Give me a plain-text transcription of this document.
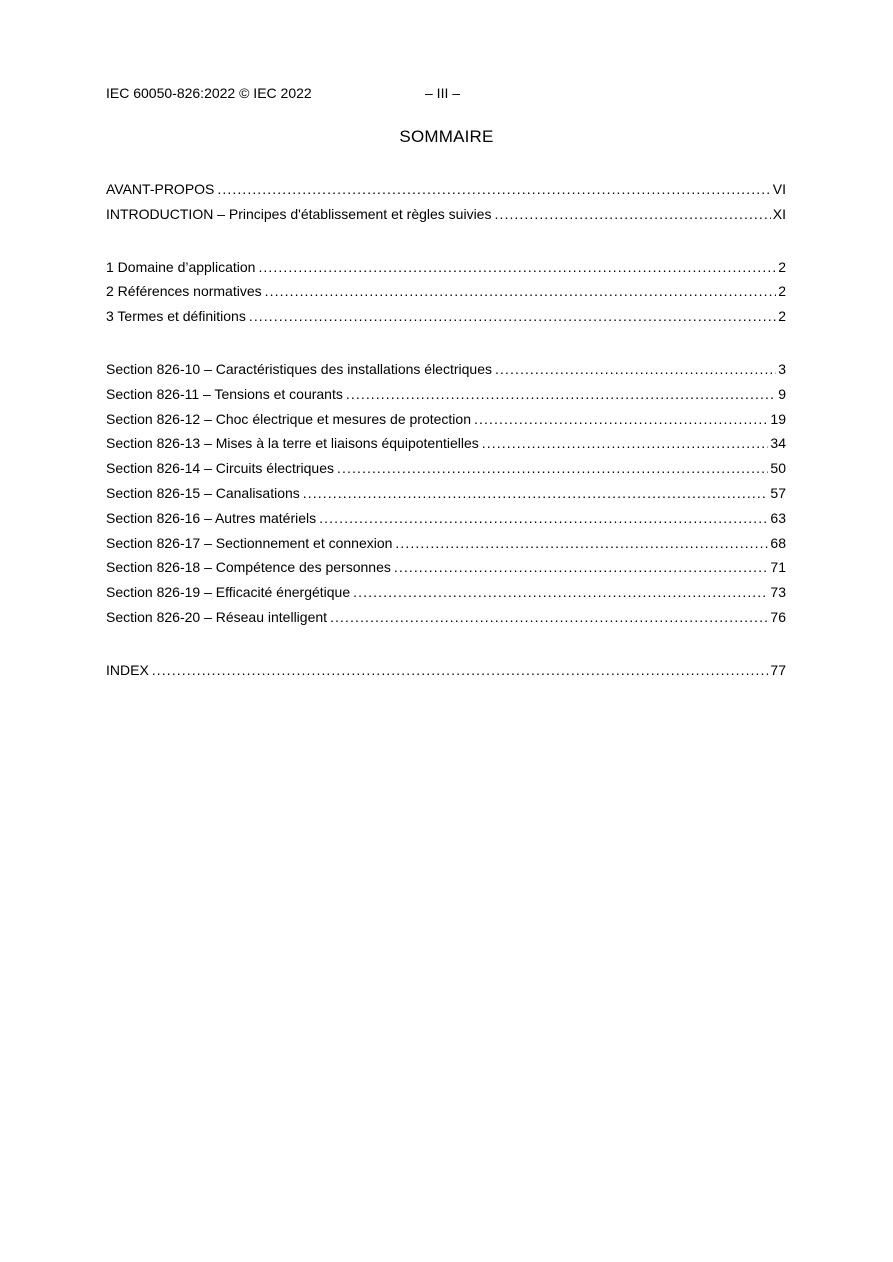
IEC 60050-826:2022 © IEC 2022	– III –
SOMMAIRE
AVANT-PROPOS .....	VI
INTRODUCTION – Principes d'établissement et règles suivies .....	XI
1 Domaine d’application .....	2
2 Références normatives .....	2
3 Termes et définitions .....	2
Section 826-10 – Caractéristiques des installations électriques .....	3
Section 826-11 – Tensions et courants .....	9
Section 826-12 – Choc électrique et mesures de protection .....	19
Section 826-13 – Mises à la terre et liaisons équipotentielles .....	34
Section 826-14 – Circuits électriques .....	50
Section 826-15 – Canalisations .....	57
Section 826-16 – Autres matériels .....	63
Section 826-17 – Sectionnement et connexion .....	68
Section 826-18 – Compétence des personnes .....	71
Section 826-19 – Efficacité énergétique .....	73
Section 826-20 – Réseau intelligent .....	76
INDEX .....	77
